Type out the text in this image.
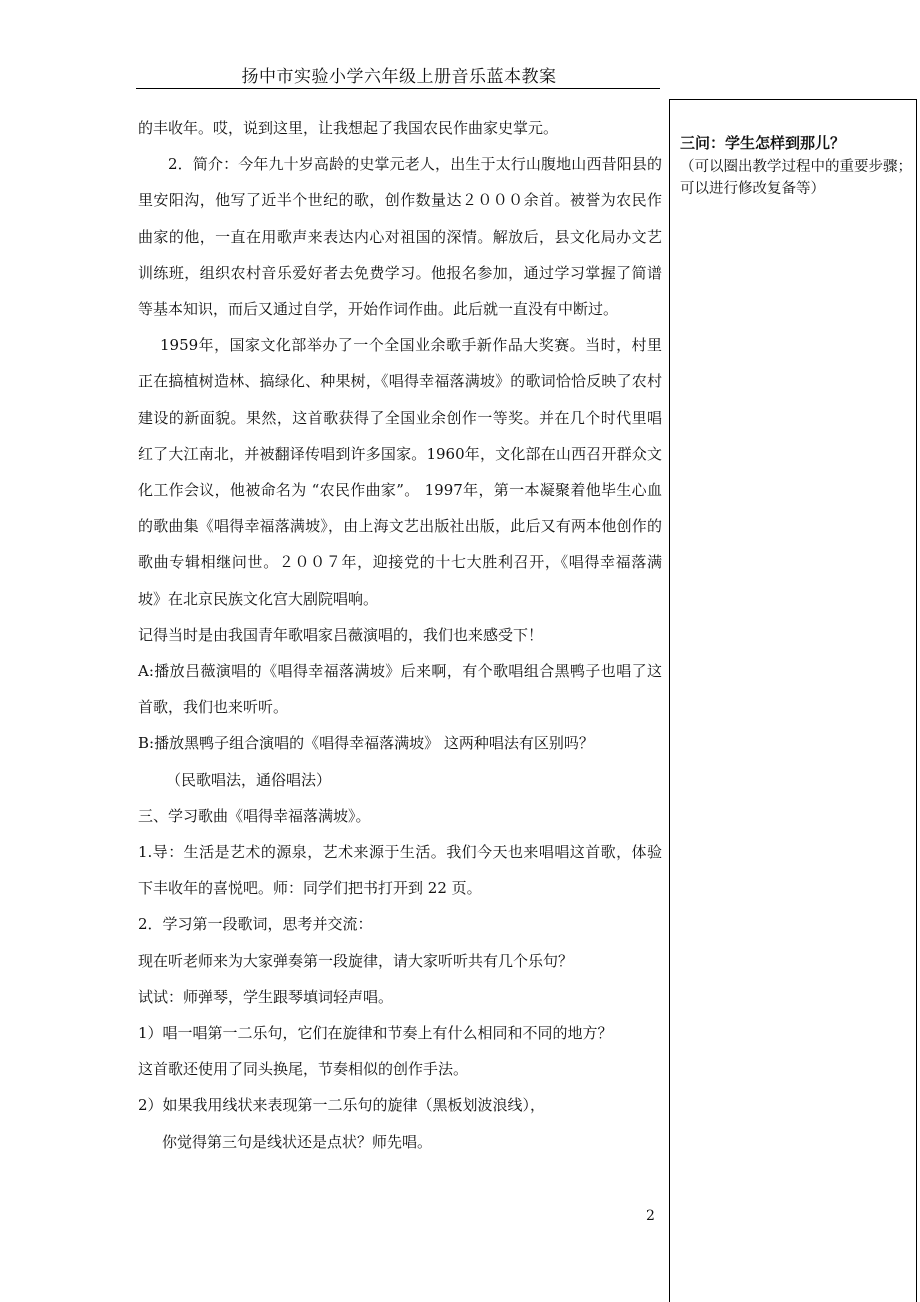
扬中市实验小学六年级上册音乐蓝本教案

的丰收年。哎，说到这里，让我想起了我国农民作曲家史掌元。

2．简介：今年九十岁高龄的史掌元老人，出生于太行山腹地山西昔阳县的里安阳沟，他写了近半个世纪的歌，创作数量达２０００余首。被誉为农民作曲家的他，一直在用歌声来表达内心对祖国的深情。解放后，县文化局办文艺训练班，组织农村音乐爱好者去免费学习。他报名参加，通过学习掌握了简谱等基本知识，而后又通过自学，开始作词作曲。此后就一直没有中断过。

1959年，国家文化部举办了一个全国业余歌手新作品大奖赛。当时，村里正在搞植树造林、搞绿化、种果树，《唱得幸福落满坡》的歌词恰恰反映了农村建设的新面貌。果然，这首歌获得了全国业余创作一等奖。并在几个时代里唱红了大江南北，并被翻译传唱到许多国家。1960年，文化部在山西召开群众文化工作会议，他被命名为 “农民作曲家”。 1997年，第一本凝聚着他毕生心血的歌曲集《唱得幸福落满坡》，由上海文艺出版社出版，此后又有两本他创作的歌曲专辑相继问世。２００７年，迎接党的十七大胜利召开，《唱得幸福落满坡》在北京民族文化宫大剧院唱响。

记得当时是由我国青年歌唱家吕薇演唱的，我们也来感受下！

A:播放吕薇演唱的《唱得幸福落满坡》后来啊，有个歌唱组合黑鸭子也唱了这首歌，我们也来听听。

B:播放黑鸭子组合演唱的《唱得幸福落满坡》 这两种唱法有区别吗？

（民歌唱法，通俗唱法）

三、学习歌曲《唱得幸福落满坡》。

1.导：生活是艺术的源泉，艺术来源于生活。我们今天也来唱唱这首歌，体验下丰收年的喜悦吧。师：同学们把书打开到 22 页。

2．学习第一段歌词，思考并交流：

现在听老师来为大家弹奏第一段旋律，请大家听听共有几个乐句？

试试：师弹琴，学生跟琴填词轻声唱。

1）唱一唱第一二乐句，它们在旋律和节奏上有什么相同和不同的地方？

这首歌还使用了同头换尾，节奏相似的创作手法。

2）如果我用线状来表现第一二乐句的旋律（黑板划波浪线），

你觉得第三句是线状还是点状？师先唱。

三问：学生怎样到那儿？
（可以圈出教学过程中的重要步骤；可以进行修改复备等）
2
